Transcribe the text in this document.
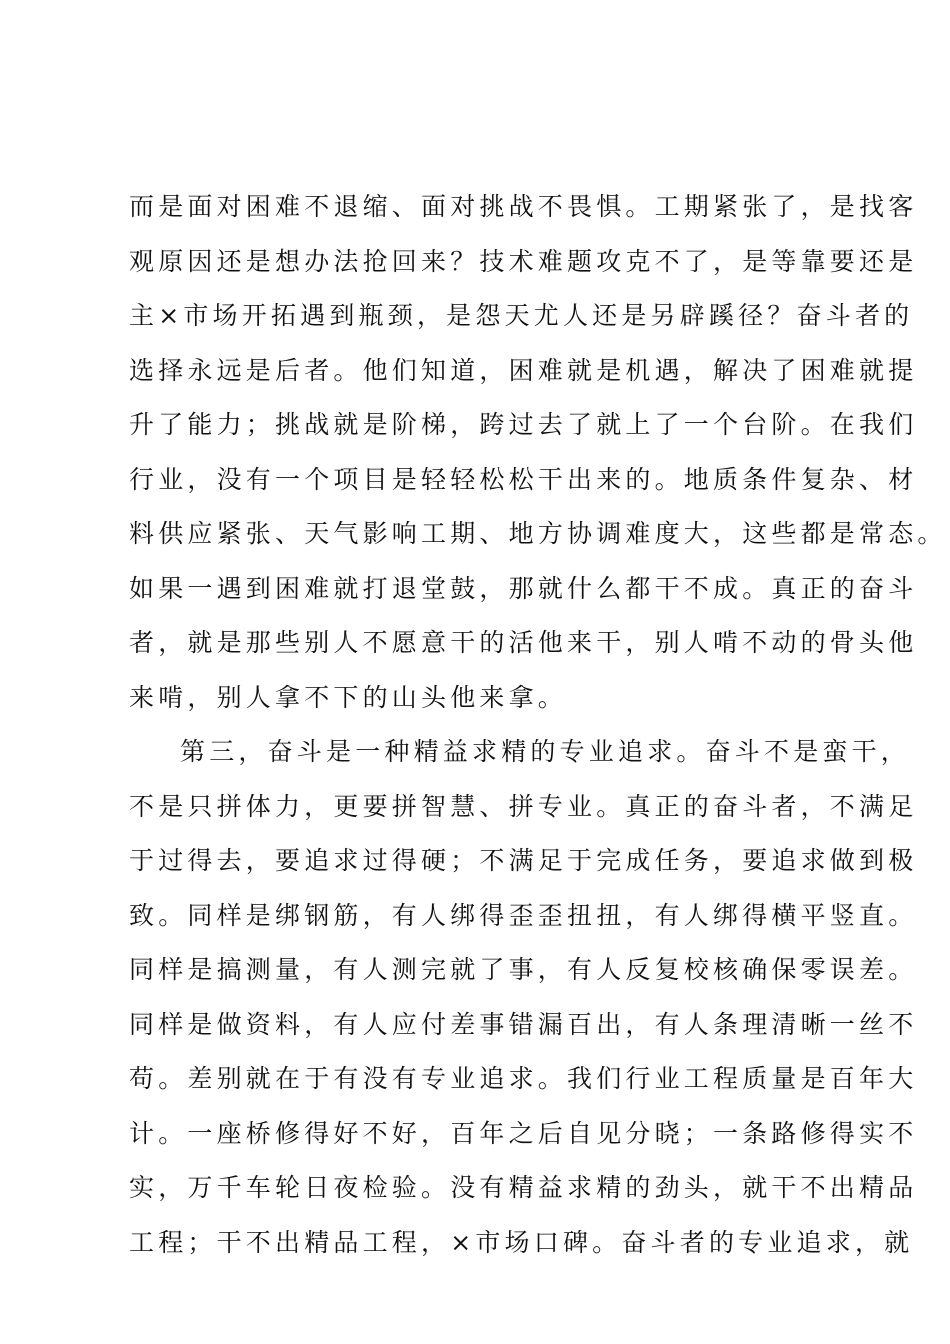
而是面对困难不退缩、面对挑战不畏惧。工期紧张了，是找客
观原因还是想办法抢回来？技术难题攻克不了，是等靠要还是
主×市场开拓遇到瓶颈，是怨天尤人还是另辟蹊径？奋斗者的
选择永远是后者。他们知道，困难就是机遇，解决了困难就提
升了能力；挑战就是阶梯，跨过去了就上了一个台阶。在我们
行业，没有一个项目是轻轻松松干出来的。地质条件复杂、材
料供应紧张、天气影响工期、地方协调难度大，这些都是常态。
如果一遇到困难就打退堂鼓，那就什么都干不成。真正的奋斗
者，就是那些别人不愿意干的活他来干，别人啃不动的骨头他
来啃，别人拿不下的山头他来拿。
第三，奋斗是一种精益求精的专业追求。奋斗不是蛮干，
不是只拼体力，更要拼智慧、拼专业。真正的奋斗者，不满足
于过得去，要追求过得硬；不满足于完成任务，要追求做到极
致。同样是绑钢筋，有人绑得歪歪扭扭，有人绑得横平竖直。
同样是搞测量，有人测完就了事，有人反复校核确保零误差。
同样是做资料，有人应付差事错漏百出，有人条理清晰一丝不
苟。差别就在于有没有专业追求。我们行业工程质量是百年大
计。一座桥修得好不好，百年之后自见分晓；一条路修得实不
实，万千车轮日夜检验。没有精益求精的劲头，就干不出精品
工程；干不出精品工程，×市场口碑。奋斗者的专业追求，就
